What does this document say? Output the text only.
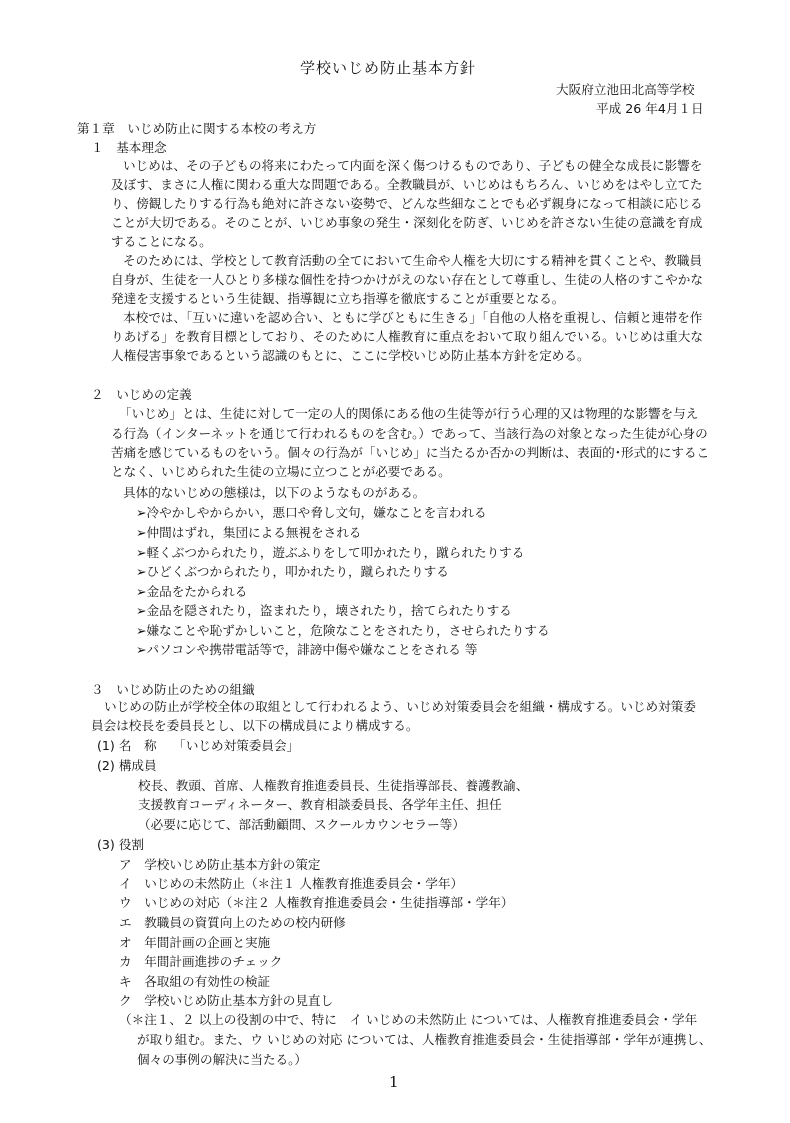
学校いじめ防止基本方針
大阪府立池田北高等学校
平成 26 年4月１日
第１章　いじめ防止に関する本校の考え方
１　基本理念
いじめは、その子どもの将来にわたって内面を深く傷つけるものであり、子どもの健全な成長に影響を
及ぼす、まさに人権に関わる重大な問題である。全教職員が、いじめはもちろん、いじめをはやし立てた
り、傍観したりする行為も絶対に許さない姿勢で、どんな些細なことでも必ず親身になって相談に応じる
ことが大切である。そのことが、いじめ事象の発生・深刻化を防ぎ、いじめを許さない生徒の意識を育成
することになる。
そのためには、学校として教育活動の全てにおいて生命や人権を大切にする精神を貫くことや、教職員
自身が、生徒を一人ひとり多様な個性を持つかけがえのない存在として尊重し、生徒の人格のすこやかな
発達を支援するという生徒観、指導観に立ち指導を徹底することが重要となる。
本校では、「互いに違いを認め合い、ともに学びともに生きる」「自他の人格を重視し、信頼と連帯を作
りあげる」を教育目標としており、そのために人権教育に重点をおいて取り組んでいる。いじめは重大な
人権侵害事象であるという認識のもとに、ここに学校いじめ防止基本方針を定める。
２　いじめの定義
「いじめ」とは、生徒に対して一定の人的関係にある他の生徒等が行う心理的又は物理的な影響を与え
る行為（インターネットを通じて行われるものを含む。）であって、当該行為の対象となった生徒が心身の
苦痛を感じているものをいう。個々の行為が「いじめ」に当たるか否かの判断は、表面的･形式的にするこ
となく、いじめられた生徒の立場に立つことが必要である。
具体的ないじめの態様は，以下のようなものがある。
➢冷やかしやからかい，悪口や脅し文句，嫌なことを言われる
➢仲間はずれ，集団による無視をされる
➢軽くぶつかられたり，遊ぶふりをして叩かれたり，蹴られたりする
➢ひどくぶつかられたり，叩かれたり，蹴られたりする
➢金品をたかられる
➢金品を隠されたり，盗まれたり，壊されたり，捨てられたりする
➢嫌なことや恥ずかしいこと，危険なことをされたり，させられたりする
➢パソコンや携帯電話等で，誹謗中傷や嫌なことをされる 等
３　いじめ防止のための組織
いじめの防止が学校全体の取組として行われるよう、いじめ対策委員会を組織・構成する。いじめ対策委
員会は校長を委員長とし、以下の構成員により構成する。
(1) 名　称　 「いじめ対策委員会」
(2) 構成員
校長、教頭、首席、人権教育推進委員長、生徒指導部長、養護教諭、
支援教育コーディネーター、教育相談委員長、各学年主任、担任
（必要に応じて、部活動顧問、スクールカウンセラー等）
(3) 役割
ア　学校いじめ防止基本方針の策定
イ　いじめの未然防止（＊注１ 人権教育推進委員会・学年）
ウ　いじめの対応（＊注２ 人権教育推進委員会・生徒指導部・学年）
エ　教職員の資質向上のための校内研修
オ　年間計画の企画と実施
カ　年間計画進捗のチェック
キ　各取組の有効性の検証
ク　学校いじめ防止基本方針の見直し
（＊注１、２ 以上の役割の中で、特に　イ いじめの未然防止 については、人権教育推進委員会・学年
が取り組む。また、ウ いじめの対応 については、人権教育推進委員会・生徒指導部・学年が連携し、
個々の事例の解決に当たる。）
1
